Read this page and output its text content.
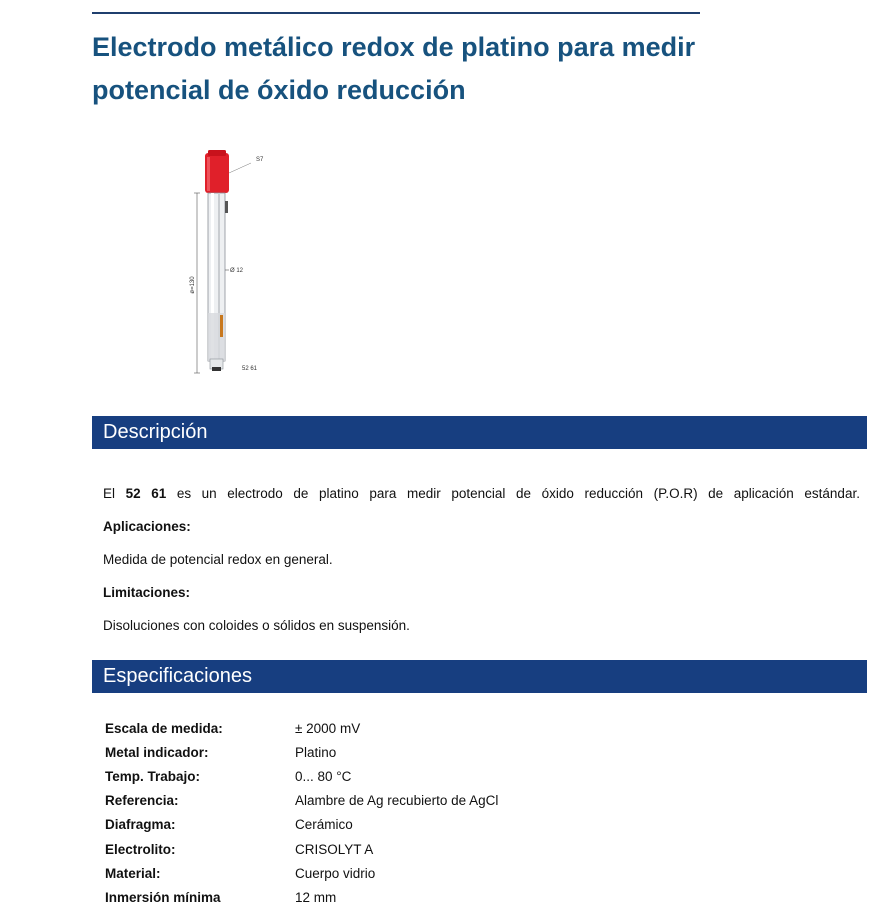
Electrodo metálico redox de platino para medir potencial de óxido reducción
ø=130
Ø 12
S7
52 61
Descripción

El 52 61 es un electrodo de platino para medir potencial de óxido reducción (P.O.R) de aplicación estándar.

Aplicaciones:

Medida de potencial redox en general.

Limitaciones:

Disoluciones con coloides o sólidos en suspensión.

Especificaciones
Escala de medida:	± 2000 mV
Metal indicador:	Platino
Temp. Trabajo:	0... 80 °C
Referencia:	Alambre de Ag recubierto de AgCl
Diafragma:	Cerámico
Electrolito:	CRISOLYT A
Material:	Cuerpo vidrio
Inmersión mínima	12 mm
